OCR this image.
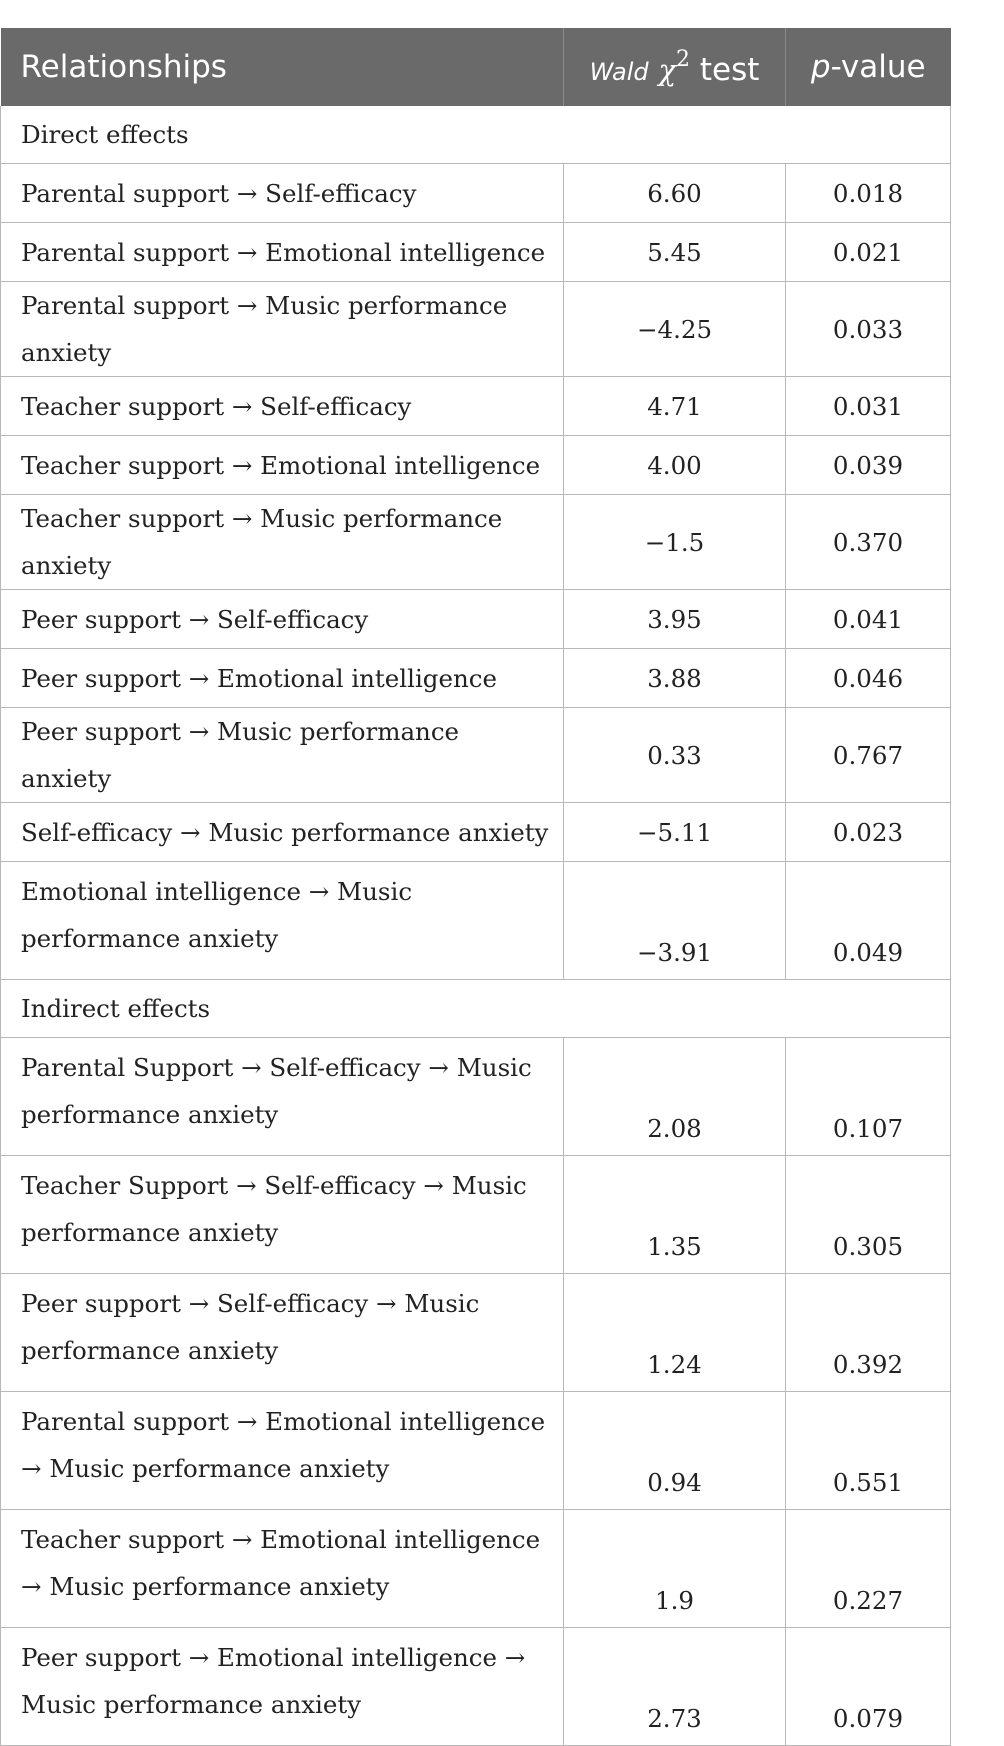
Relationships	Wald $\chi^2$ test	p-value
Direct effects		
Parental support → Self-efficacy	6.60	0.018
Parental support → Emotional intelligence	5.45	0.021
Parental support → Music performance anxiety	−4.25	0.033
Teacher support → Self-efficacy	4.71	0.031
Teacher support → Emotional intelligence	4.00	0.039
Teacher support → Music performance anxiety	−1.5	0.370
Peer support → Self-efficacy	3.95	0.041
Peer support → Emotional intelligence	3.88	0.046
Peer support → Music performance anxiety	0.33	0.767
Self-efficacy → Music performance anxiety	−5.11	0.023
Emotional intelligence → Music performance anxiety	−3.91	0.049
Indirect effects		
Parental Support → Self-efficacy → Music performance anxiety	2.08	0.107
Teacher Support → Self-efficacy → Music performance anxiety	1.35	0.305
Peer support → Self-efficacy → Music performance anxiety	1.24	0.392
Parental support → Emotional intelligence → Music performance anxiety	0.94	0.551
Teacher support → Emotional intelligence → Music performance anxiety	1.9	0.227
Peer support → Emotional intelligence → Music performance anxiety	2.73	0.079
